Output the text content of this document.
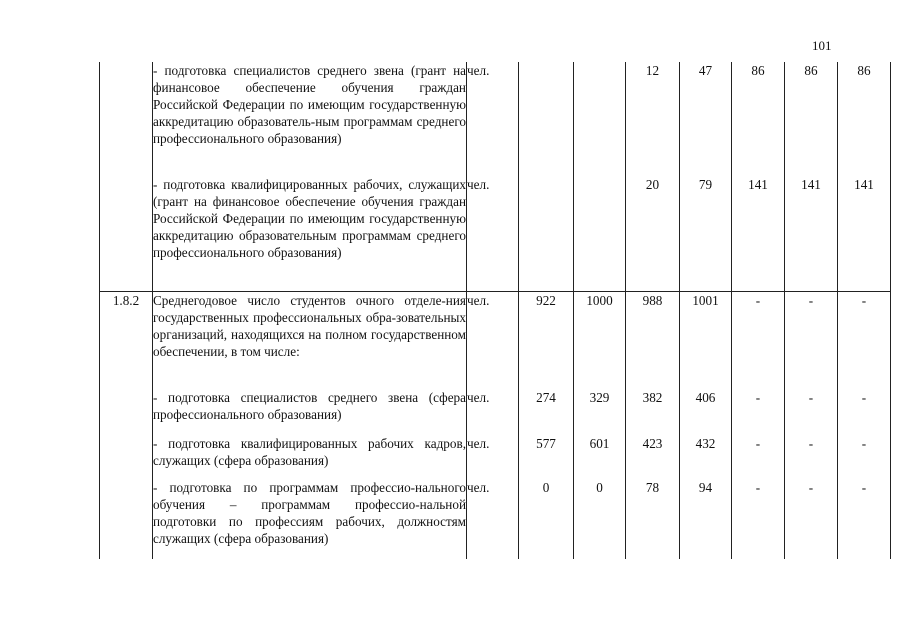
101
	- подготовка специалистов среднего звена (грант на финансовое обеспечение обучения граждан Российской Федерации по имеющим государственную аккредитацию образователь-ным программам среднего профессионального образования)	чел.			12	47	86	86	86
	- подготовка квалифицированных рабочих, служащих (грант на финансовое обеспечение обучения граждан Российской Федерации по имеющим государственную аккредитацию образовательным программам среднего профессионального образования)	чел.			20	79	141	141	141
1.8.2	Среднегодовое число студентов очного отделе-ния государственных профессиональных обра-зовательных организаций, находящихся на полном государственном обеспечении, в том числе:	чел.	922	1000	988	1001	-	-	-
	- подготовка специалистов среднего звена (сфера профессионального образования)	чел.	274	329	382	406	-	-	-
	- подготовка квалифицированных рабочих кадров, служащих (сфера образования)	чел.	577	601	423	432	-	-	-
	- подготовка по программам профессио-нального обучения – программам профессио-нальной подготовки по профессиям рабочих, должностям служащих (сфера образования)	чел.	0	0	78	94	-	-	-
